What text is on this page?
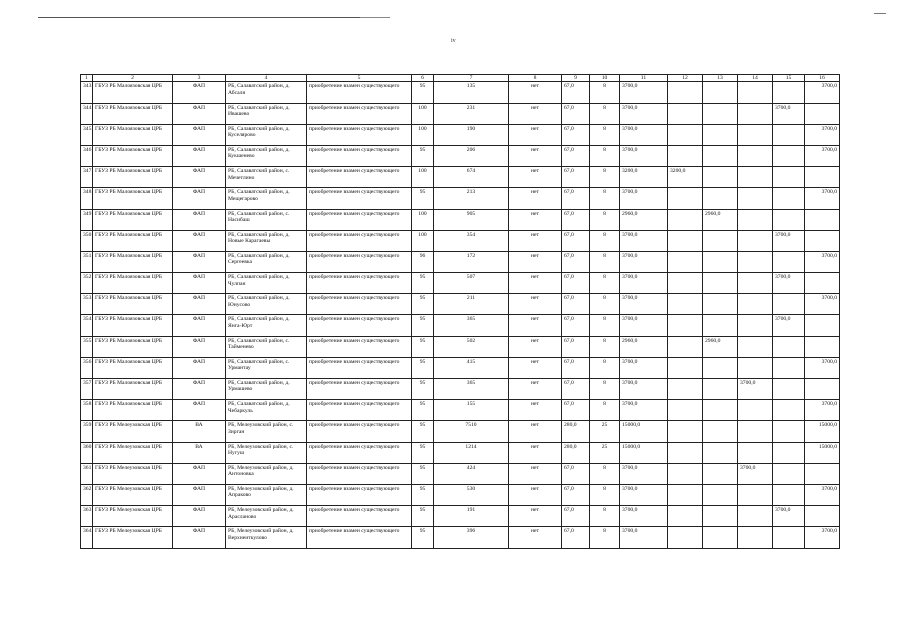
iv
1	2	3	4	5	6	7	8	9	10	11	12	13	14	15	16
343	ГБУЗ РБ Малоязовская ЦРБ	ФАП	РБ, Салаватский район, д. Абсаля	приобретение взамен существующего	95	135	нет	67,0	8	3700,0					3700,0
344	ГБУЗ РБ Малоязовская ЦРБ	ФАП	РБ, Салаватский район, д. Ивашево	приобретение взамен существующего	100	231	нет	67,0	8	3700,0				3700,0	
345	ГБУЗ РБ Малоязовская ЦРБ	ФАП	РБ, Салаватский район, д. Куселярово	приобретение взамен существующего	100	190	нет	67,0	8	3700,0					3700,0
346	ГБУЗ РБ Малоязовская ЦРБ	ФАП	РБ, Салаватский район, д. Кукшенево	приобретение взамен существующего	95	206	нет	67,0	8	3700,0					3700,0
347	ГБУЗ РБ Малоязовская ЦРБ	ФАП	РБ, Салаватский район, с. Мечетлино	приобретение взамен существующего	100	674	нет	67,0	8	3200,0	3200,0				
348	ГБУЗ РБ Малоязовская ЦРБ	ФАП	РБ, Салаватский район, д. Мещегарово	приобретение взамен существующего	95	213	нет	67,0	8	3700,0					3700,0
349	ГБУЗ РБ Малоязовская ЦРБ	ФАП	РБ, Салаватский район, с. Насибаш	приобретение взамен существующего	100	905	нет	67,0	8	2960,0		2960,0			
350	ГБУЗ РБ Малоязовская ЦРБ	ФАП	РБ, Салаватский район, д. Новые Карагаевы	приобретение взамен существующего	100	354	нет	67,0	8	3700,0				3700,0	
351	ГБУЗ РБ Малоязовская ЦРБ	ФАП	РБ, Салаватский район, д. Сергеевка	приобретение взамен существующего	96	172	нет	67,0	8	3700,0					3700,0
352	ГБУЗ РБ Малоязовская ЦРБ	ФАП	РБ, Салаватский район, д. Чулпан	приобретение взамен существующего	95	507	нет	67,0	8	3700,0				3700,0	
353	ГБУЗ РБ Малоязовская ЦРБ	ФАП	РБ, Салаватский район, д. Юнусово	приобретение взамен существующего	95	211	нет	67,0	8	3700,0					3700,0
354	ГБУЗ РБ Малоязовская ЦРБ	ФАП	РБ, Салаватский район, д. Янга-Юрт	приобретение взамен существующего	95	365	нет	67,0	8	3700,0				3700,0	
355	ГБУЗ РБ Малоязовская ЦРБ	ФАП	РБ, Салаватский район, с. Тайменево	приобретение взамен существующего	95	502	нет	67,0	8	2960,0		2960,0			
356	ГБУЗ РБ Малоязовская ЦРБ	ФАП	РБ, Салаватский район, с. Урмантау	приобретение взамен существующего	95	415	нет	67,0	8	3700,0					3700,0
357	ГБУЗ РБ Малоязовская ЦРБ	ФАП	РБ, Салаватский район, д. Урмашево	приобретение взамен существующего	95	365	нет	67,0	8	3700,0			3700,0		
358	ГБУЗ РБ Малоязовская ЦРБ	ФАП	РБ, Салаватский район, д. Чебаркуль	приобретение взамен существующего	95	155	нет	67,0	8	3700,0					3700,0
359	ГБУЗ РБ Мелеузовская ЦРБ	ВА	РБ, Мелеузовский район, с. Зирган	приобретение взамен существующего	95	7510	нет	280,0	25	15000,0					15000,0
360	ГБУЗ РБ Мелеузовская ЦРБ	ВА	РБ, Мелеузовский район, с. Нугуш	приобретение взамен существующего	95	1214	нет	280,0	25	15000,0					15000,0
361	ГБУЗ РБ Мелеузовская ЦРБ	ФАП	РБ, Мелеузовский район, д. Антоновка	приобретение взамен существующего	95	424	нет	67,0	8	3700,0			3700,0		
362	ГБУЗ РБ Мелеузовская ЦРБ	ФАП	РБ, Мелеузовский район, д. Апраково	приобретение взамен существующего	95	530	нет	67,0	8	3700,0					3700,0
363	ГБУЗ РБ Мелеузовская ЦРБ	ФАП	РБ, Мелеузовский район, д. Арасланово	приобретение взамен существующего	95	191	нет	67,0	8	3700,0				3700,0	
364	ГБУЗ РБ Мелеузовская ЦРБ	ФАП	РБ, Мелеузовский район, д. Верхнеиткулово	приобретение взамен существующего	95	396	нет	67,0	8	3700,0					3700,0
